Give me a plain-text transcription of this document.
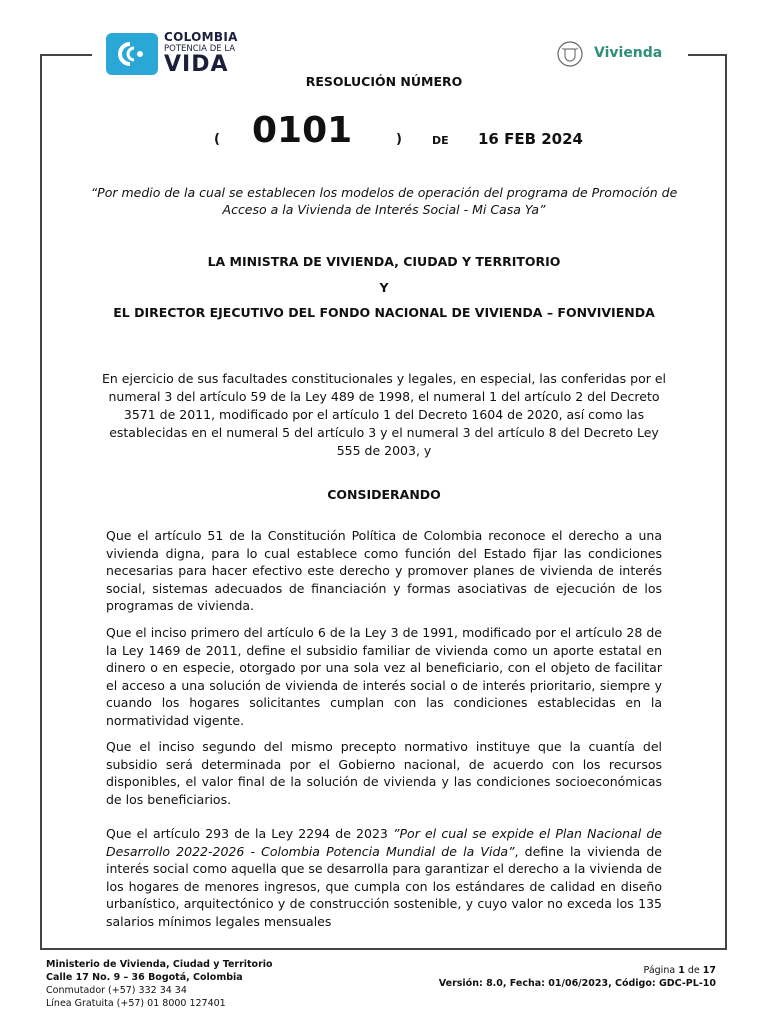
COLOMBIA
POTENCIA DE LA
VIDA	Vivienda
RESOLUCIÓN NÚMERO
( 0101	)	DE 16 FEB 2024
“Por medio de la cual se establecen los modelos de operación del programa de Promoción de Acceso a la Vivienda de Interés Social - Mi Casa Ya”
LA MINISTRA DE VIVIENDA, CIUDAD Y TERRITORIO
Y
EL DIRECTOR EJECUTIVO DEL FONDO NACIONAL DE VIVIENDA – FONVIVIENDA
En ejercicio de sus facultades constitucionales y legales, en especial, las conferidas por el numeral 3 del artículo 59 de la Ley 489 de 1998, el numeral 1 del artículo 2 del Decreto 3571 de 2011, modificado por el artículo 1 del Decreto 1604 de 2020, así como las establecidas en el numeral 5 del artículo 3 y el numeral 3 del artículo 8 del Decreto Ley 555 de 2003, y
CONSIDERANDO
Que el artículo 51 de la Constitución Política de Colombia reconoce el derecho a una vivienda digna, para lo cual establece como función del Estado fijar las condiciones necesarias para hacer efectivo este derecho y promover planes de vivienda de interés social, sistemas adecuados de financiación y formas asociativas de ejecución de los programas de vivienda.
Que el inciso primero del artículo 6 de la Ley 3 de 1991, modificado por el artículo 28 de la Ley 1469 de 2011, define el subsidio familiar de vivienda como un aporte estatal en dinero o en especie, otorgado por una sola vez al beneficiario, con el objeto de facilitar el acceso a una solución de vivienda de interés social o de interés prioritario, siempre y cuando los hogares solicitantes cumplan con las condiciones establecidas en la normatividad vigente.
Que el inciso segundo del mismo precepto normativo instituye que la cuantía del subsidio será determinada por el Gobierno nacional, de acuerdo con los recursos disponibles, el valor final de la solución de vivienda y las condiciones socioeconómicas de los beneficiarios.
Que el artículo 293 de la Ley 2294 de 2023 ”Por el cual se expide el Plan Nacional de Desarrollo 2022-2026 - Colombia Potencia Mundial de la Vida”, define la vivienda de interés social como aquella que se desarrolla para garantizar el derecho a la vivienda de los hogares de menores ingresos, que cumpla con los estándares de calidad en diseño urbanístico, arquitectónico y de construcción sostenible, y cuyo valor no exceda los 135 salarios mínimos legales mensuales
Ministerio de Vivienda, Ciudad y Territorio
Calle 17 No. 9 – 36 Bogotá, Colombia
Conmutador (+57) 332 34 34
Línea Gratuita (+57) 01 8000 127401
Página 1 de 17
Versión: 8.0, Fecha: 01/06/2023, Código: GDC-PL-10
